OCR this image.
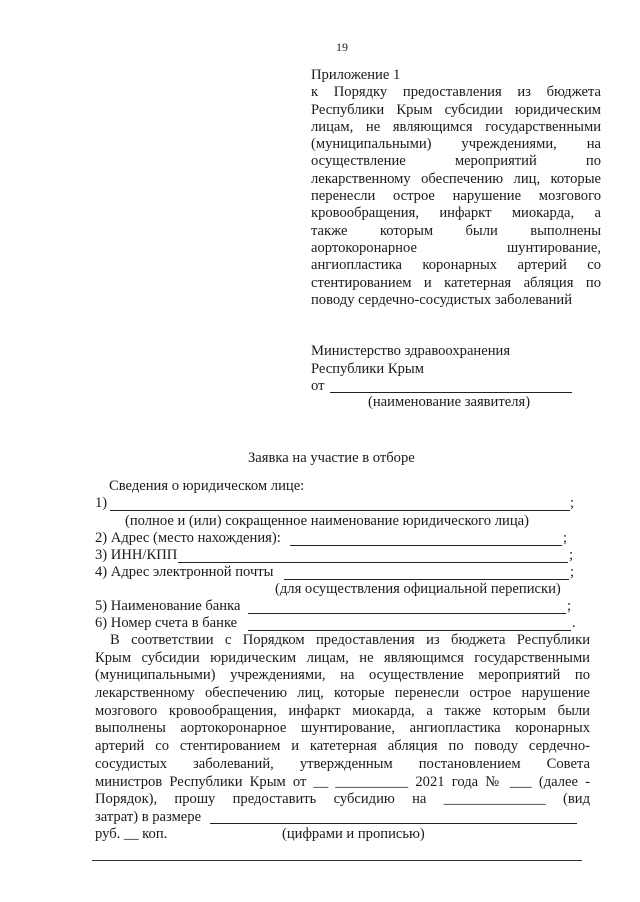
19
Приложение 1
к Порядку предоставления из бюджета
Республики Крым субсидии юридическим
лицам, не являющимся государственными
(муниципальными) учреждениями, на
осуществление мероприятий по
лекарственному обеспечению лиц, которые
перенесли острое нарушение мозгового
кровообращения, инфаркт миокарда, а
также которым были выполнены
аортокоронарное шунтирование,
ангиопластика коронарных артерий со
стентированием и катетерная абляция по
поводу сердечно-сосудистых заболеваний
Министерство здравоохранения
Республики Крым
от
(наименование заявителя)
Заявка на участие в отборе
Сведения о юридическом лице:
1)	;
(полное и (или) сокращенное наименование юридического лица)
2) Адрес (место нахождения):	;
3) ИНН/КПП	;
4) Адрес электронной почты	;
(для осуществления официальной переписки)
5) Наименование банка	;
6) Номер счета в банке	.
В соответствии с Порядком предоставления из бюджета Республики
Крым субсидии юридическим лицам, не являющимся государственными
(муниципальными) учреждениями, на осуществление мероприятий по
лекарственному обеспечению лиц, которые перенесли острое нарушение
мозгового кровообращения, инфаркт миокарда, а также которым были
выполнены аортокоронарное шунтирование, ангиопластика коронарных
артерий со стентированием и катетерная абляция по поводу сердечно-
сосудистых заболеваний, утвержденным постановлением Совета
министров Республики Крым от __ __________ 2021 года № ___ (далее -
Порядок), прошу предоставить субсидию на ______________ (вид
затрат) в размере
руб. __ коп.	(цифрами и прописью)
